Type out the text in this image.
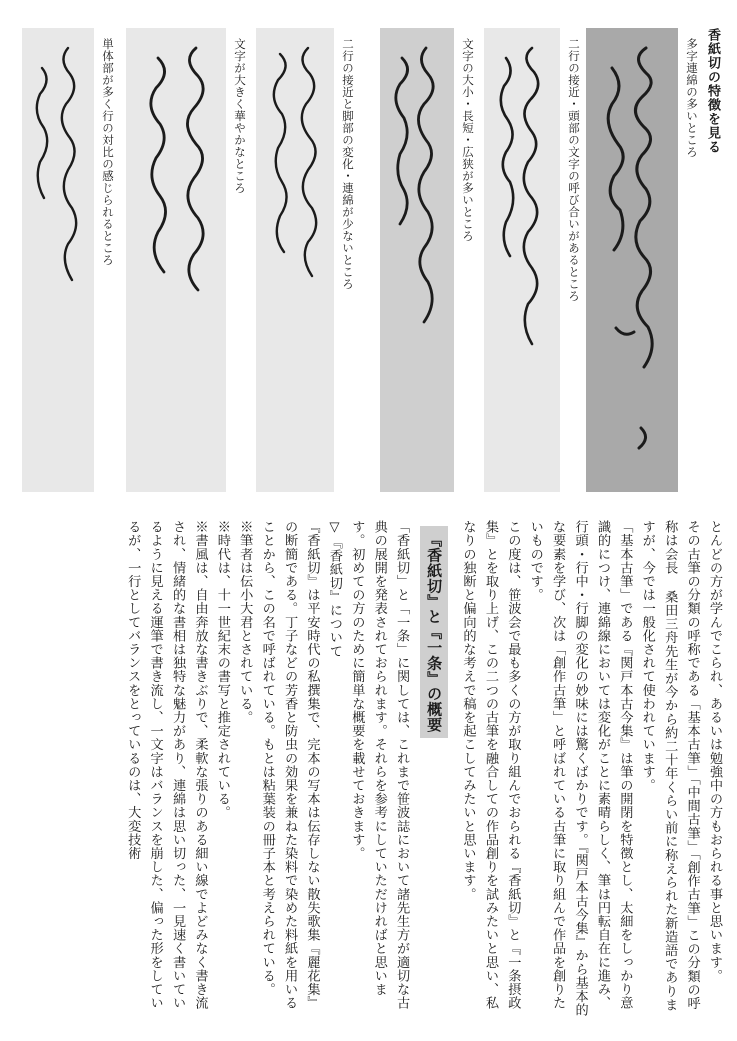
香紙切の特徴を見る
多字連綿の多いところ
二行の接近・頭部の文字の呼び合いがあるところ
文字の大小・長短・広狭が多いところ
二行の接近と脚部の変化・連綿が少ないところ
文字が大きく華やかなところ
単体部が多く行の対比の感じられるところ

とんどの方が学んでこられ、あるいは勉強中の方もおられる事と思います。

その古筆の分類の呼称である「基本古筆」「中間古筆」「創作古筆」この分類の呼称は会長 桑田三舟先生が今から約二十年くらい前に称えられた新造語でありますが、今では一般化されて使われています。

「基本古筆」である『関戸本古今集』は筆の開閉を特徴とし、太細をしっかり意識的につけ、連綿線においては変化がことに素晴らしく、筆は円転自在に進み、行頭・行中・行脚の変化の妙味には驚くばかりです。『関戸本古今集』から基本的な要素を学び、次は「創作古筆」と呼ばれている古筆に取り組んで作品を創りたいものです。

この度は、笹波会で最も多くの方が取り組んでおられる『香紙切』と『一条摂政集』とを取り上げ、この二つの古筆を融合しての作品創りを試みたいと思い、私なりの独断と偏向的な考えで稿を起こしてみたいと思います。

『香紙切』と『一条』の概要

「香紙切」と「一条」に関しては、これまで笹波誌において諸先生方が適切な古典の展開を発表されておられます。それらを参考にしていただければと思います。初めての方のために簡単な概要を載せておきます。

▽『香紙切』について

『香紙切』は平安時代の私撰集で、完本の写本は伝存しない散失歌集『麗花集』の断簡である。丁子などの芳香と防虫の効果を兼ねた染料で染めた料紙を用いることから、この名で呼ばれている。もとは粘葉装の冊子本と考えられている。

※筆者は伝小大君とされている。

※時代は、十一世紀末の書写と推定されている。

※書風は、自由奔放な書きぶりで、柔軟な張りのある細い線でよどみなく書き流され、情緒的な書相は独特な魅力があり、連綿は思い切った、一見速く書いているように見える運筆で書き流し、一文字はバランスを崩した、偏った形をしているが、一行としてバランスをとっているのは、大変技術
